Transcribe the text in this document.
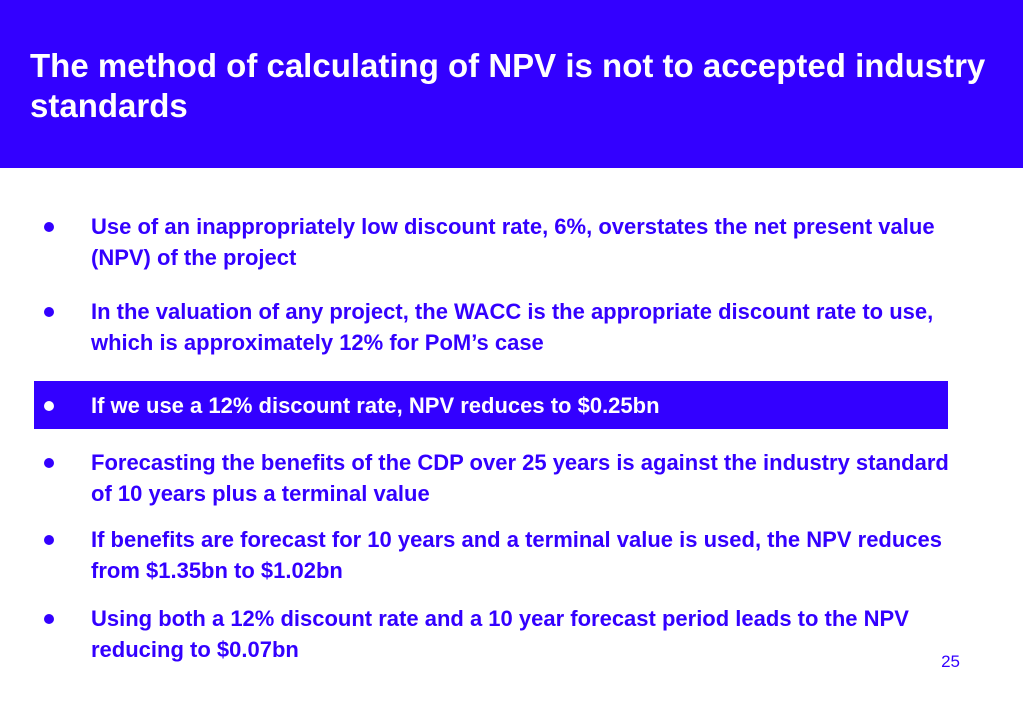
The method of calculating of NPV is not to accepted industry standards

Use of an inappropriately low discount rate, 6%, overstates the net present value (NPV) of the project

In the valuation of any project, the WACC is the appropriate discount rate to use, which is approximately 12% for PoM’s case

If we use a 12% discount rate, NPV reduces to $0.25bn

Forecasting the benefits of the CDP over 25 years is against the industry standard of 10 years plus a terminal value

If benefits are forecast for 10 years and a terminal value is used, the NPV reduces from $1.35bn to $1.02bn

Using both a 12% discount rate and a 10 year forecast period leads to the NPV reducing to $0.07bn	25
